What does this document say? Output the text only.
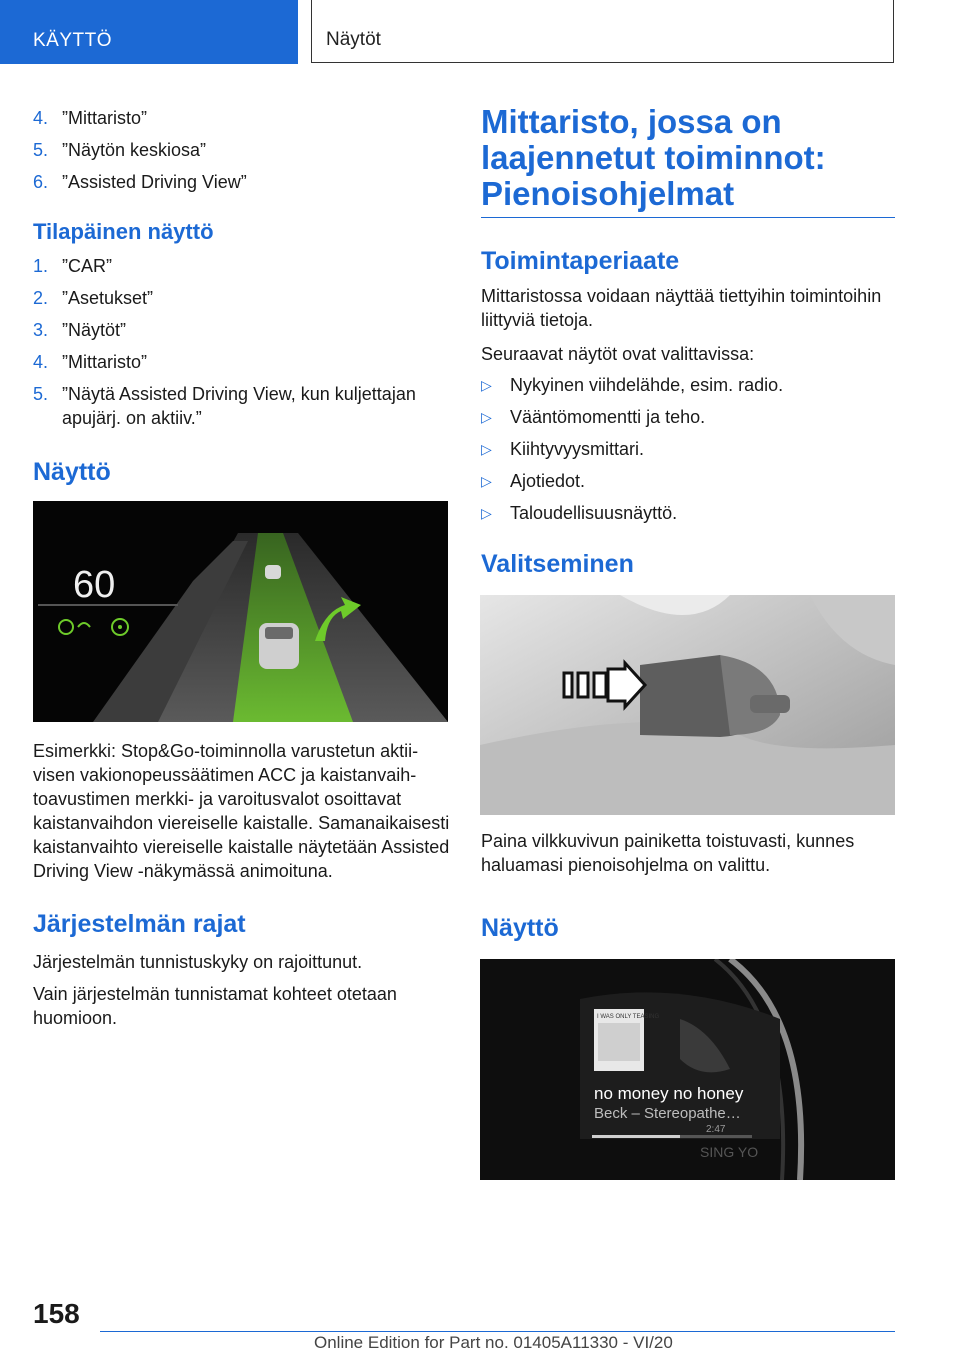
KÄYTTÖ	Näytöt
4. ”Mittaristo”
5. ”Näytön keskiosa”
6. ”Assisted Driving View”
Tilapäinen näyttö
1. ”CAR”
2. ”Asetukset”
3. ”Näytöt”
4. ”Mittaristo”
5. ”Näytä Assisted Driving View, kun kuljettajan apujärj. on aktiiv.”
Näyttö
60
Esimerkki: Stop&Go-toiminnolla varustetun aktiivisen vakionopeussäätimen ACC ja kaistanvaihtoavustimen merkki- ja varoitusvalot osoittavat kaistanvaihdon viereiselle kaistalle. Samanaikaisesti kaistanvaihto viereiselle kaistalle näytetään Assisted Driving View -näkymässä animoituna.
Järjestelmän rajat
Järjestelmän tunnistuskyky on rajoittunut.
Vain järjestelmän tunnistamat kohteet otetaan huomioon.
Mittaristo, jossa on laajennetut toiminnot: Pienoisohjelmat
Toimintaperiaate
Mittaristossa voidaan näyttää tiettyihin toimintoihin liittyviä tietoja.
Seuraavat näytöt ovat valittavissa:
▷ Nykyinen viihdelähde, esim. radio.
▷ Vääntömomentti ja teho.
▷ Kiihtyvyysmittari.
▷ Ajotiedot.
▷ Taloudellisuusnäyttö.
Valitseminen
Paina vilkkuvivun painiketta toistuvasti, kunnes haluamasi pienoisohjelma on valittu.
Näyttö
I WAS ONLY TEASING
no money no honey
Beck – Stereopathe…
2:47
SING YO
158
Online Edition for Part no. 01405A11330 - VI/20
